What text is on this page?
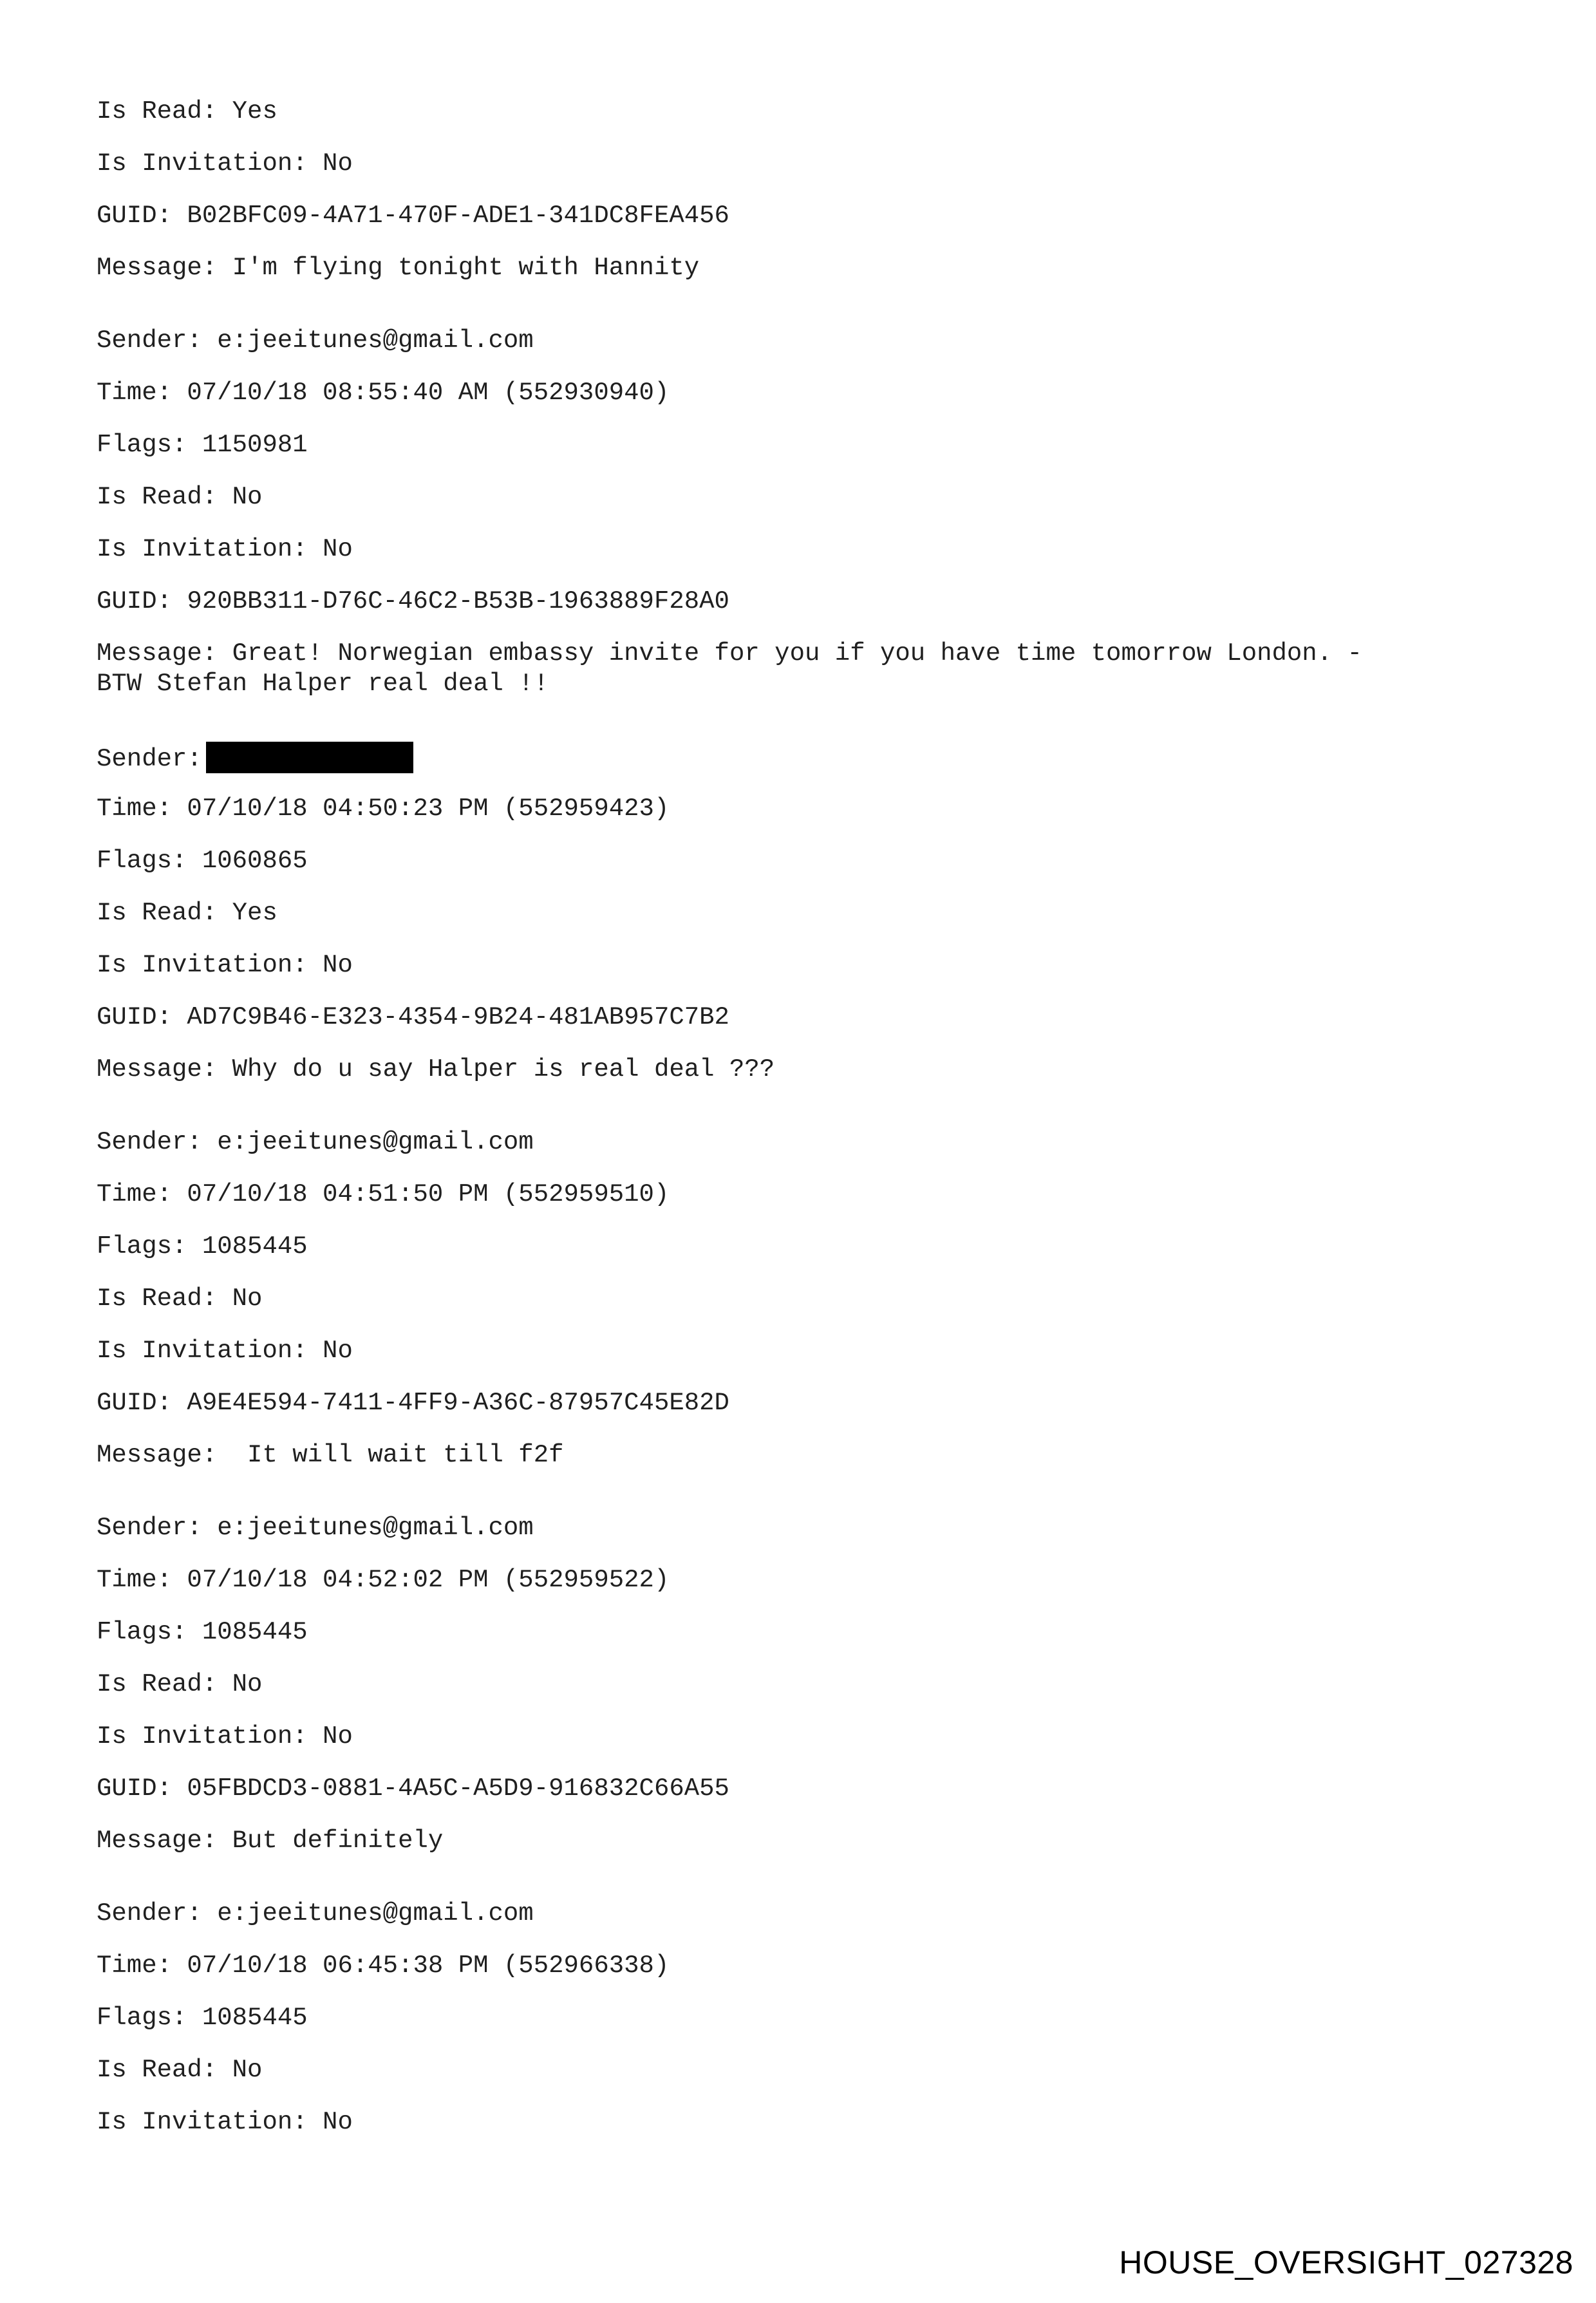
Is Read: Yes
Is Invitation: No
GUID: B02BFC09-4A71-470F-ADE1-341DC8FEA456
Message: I'm flying tonight with Hannity
Sender: e:jeeitunes@gmail.com
Time: 07/10/18 08:55:40 AM (552930940)
Flags: 1150981
Is Read: No
Is Invitation: No
GUID: 920BB311-D76C-46C2-B53B-1963889F28A0
Message: Great! Norwegian embassy invite for you if you have time tomorrow London. -
BTW Stefan Halper real deal !!
Sender:
Time: 07/10/18 04:50:23 PM (552959423)
Flags: 1060865
Is Read: Yes
Is Invitation: No
GUID: AD7C9B46-E323-4354-9B24-481AB957C7B2
Message: Why do u say Halper is real deal ???
Sender: e:jeeitunes@gmail.com
Time: 07/10/18 04:51:50 PM (552959510)
Flags: 1085445
Is Read: No
Is Invitation: No
GUID: A9E4E594-7411-4FF9-A36C-87957C45E82D
Message:  It will wait till f2f
Sender: e:jeeitunes@gmail.com
Time: 07/10/18 04:52:02 PM (552959522)
Flags: 1085445
Is Read: No
Is Invitation: No
GUID: 05FBDCD3-0881-4A5C-A5D9-916832C66A55
Message: But definitely
Sender: e:jeeitunes@gmail.com
Time: 07/10/18 06:45:38 PM (552966338)
Flags: 1085445
Is Read: No
Is Invitation: No
HOUSE_OVERSIGHT_027328
